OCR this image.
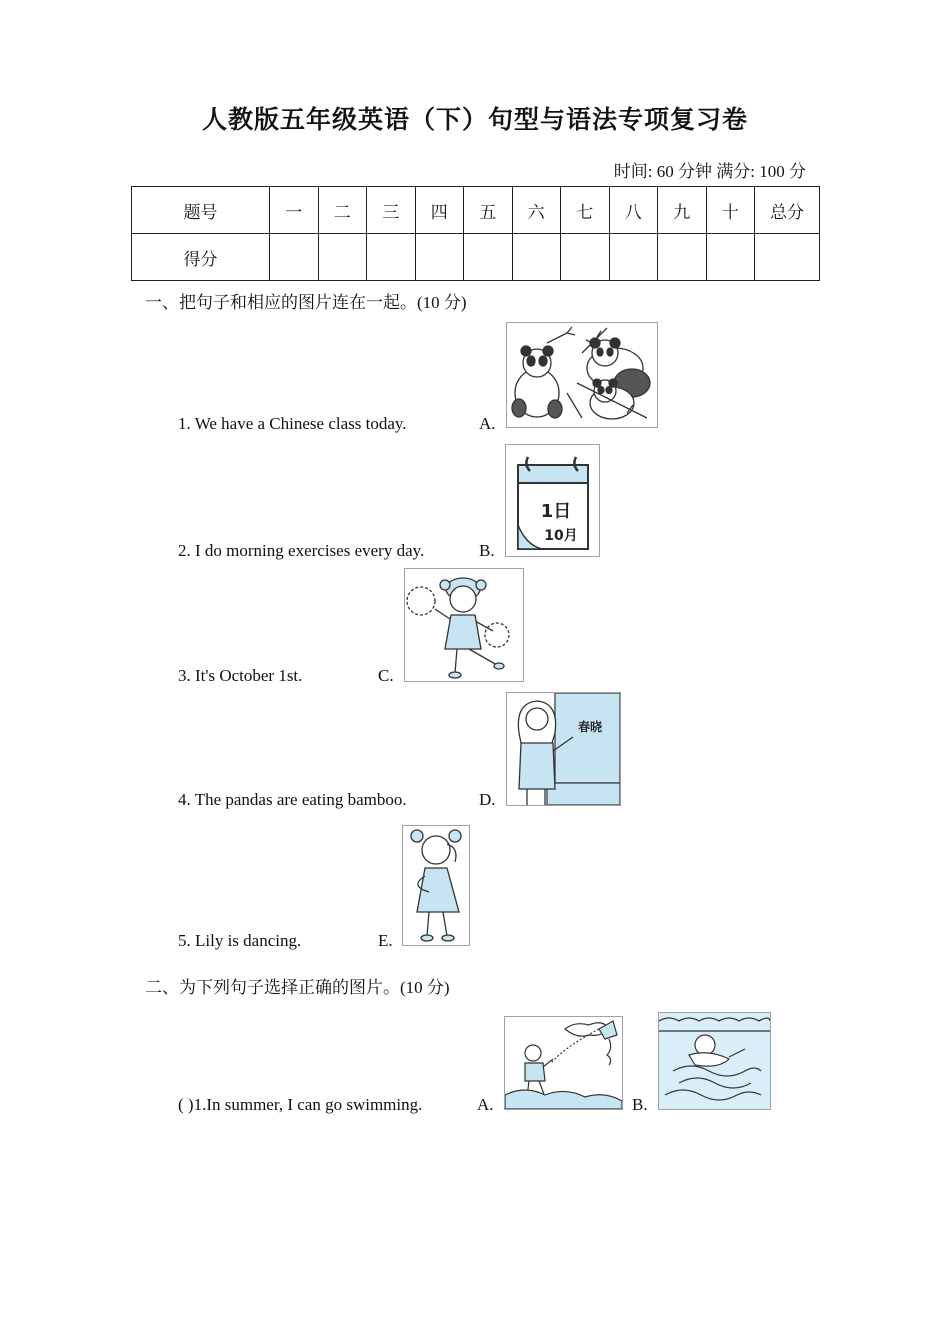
人教版五年级英语（下）句型与语法专项复习卷
时间: 60 分钟 满分: 100 分
题号	一	二	三	四	五	六	七	八	九	十	总分
得分											
一、把句子和相应的图片连在一起。(10 分)
1. We have a Chinese class today.	A.
2. I do morning exercises every day.	B.
1日
10月
3. It's October 1st.	C.
4. The pandas are eating bamboo.	D.
春晓
5. Lily is dancing.	E.
二、为下列句子选择正确的图片。(10 分)
( )1.In summer, I can go swimming.	A.	B.
